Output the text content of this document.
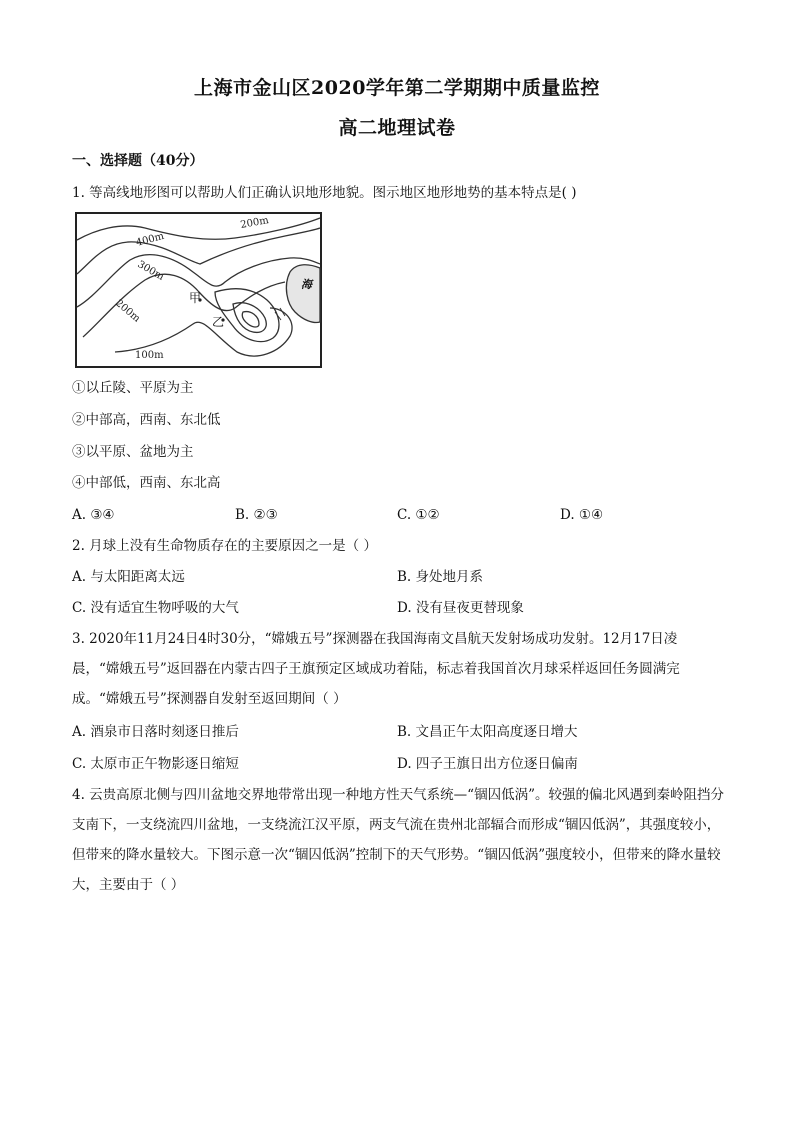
上海市金山区2020学年第二学期期中质量监控
高二地理试卷
一、选择题（40分）
1. 等高线地形图可以帮助人们正确认识地形地貌。图示地区地形地势的基本特点是( )
400m
300m
200m
200m
100m
甲
乙
海
①以丘陵、平原为主
②中部高，西南、东北低
③以平原、盆地为主
④中部低，西南、东北高
A. ③④	B. ②③	C. ①②	D. ①④
2. 月球上没有生命物质存在的主要原因之一是（ ）
A. 与太阳距离太远	B. 身处地月系
C. 没有适宜生物呼吸的大气	D. 没有昼夜更替现象
3. 2020年11月24日4时30分，“嫦娥五号”探测器在我国海南文昌航天发射场成功发射。12月17日凌晨，“嫦娥五号”返回器在内蒙古四子王旗预定区域成功着陆，标志着我国首次月球采样返回任务圆满完成。“嫦娥五号”探测器自发射至返回期间（ ）
A. 酒泉市日落时刻逐日推后	B. 文昌正午太阳高度逐日增大
C. 太原市正午物影逐日缩短	D. 四子王旗日出方位逐日偏南
4. 云贵高原北侧与四川盆地交界地带常出现一种地方性天气系统—“锢囚低涡”。较强的偏北风遇到秦岭阻挡分支南下，一支绕流四川盆地，一支绕流江汉平原，两支气流在贵州北部辐合而形成“锢囚低涡”，其强度较小，但带来的降水量较大。下图示意一次“锢囚低涡”控制下的天气形势。“锢囚低涡”强度较小，但带来的降水量较大，主要由于（ ）
